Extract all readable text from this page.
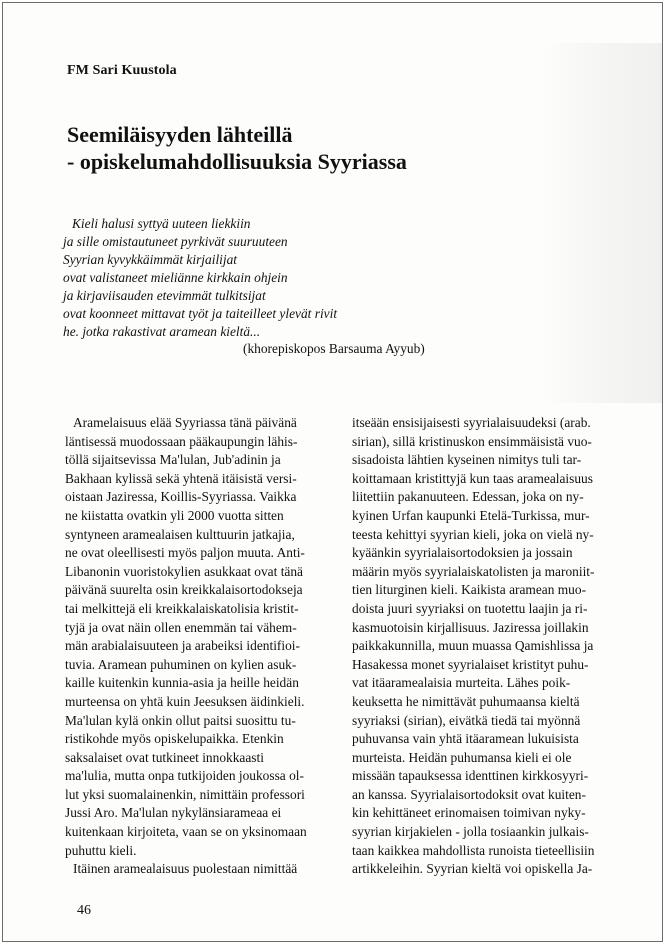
FM Sari Kuustola
Seemiläisyyden lähteillä
- opiskelumahdollisuuksia Syyriassa
Kieli halusi syttyä uuteen liekkiin
ja sille omistautuneet pyrkivät suuruuteen
Syyrian kyvykkäimmät kirjailijat
ovat valistaneet mieliänne kirkkain ohjein
ja kirjaviisauden etevimmät tulkitsijat
ovat koonneet mittavat työt ja taiteilleet ylevät rivit
he. jotka rakastivat aramean kieltä...
(khorepiskopos Barsauma Ayyub)
Aramelaisuus elää Syyriassa tänä päivänä
läntisessä muodossaan pääkaupungin lähis-
töllä sijaitsevissa Ma'lulan, Jub'adinin ja
Bakhaan kylissä sekä yhtenä itäisistä versi-
oistaan Jaziressa, Koillis-Syyriassa. Vaikka
ne kiistatta ovatkin yli 2000 vuotta sitten
syntyneen aramealaisen kulttuurin jatkajia,
ne ovat oleellisesti myös paljon muuta. Anti-
Libanonin vuoristokylien asukkaat ovat tänä
päivänä suurelta osin kreikkalaisortodokseja
tai melkittejä eli kreikkalaiskatolisia kristit-
tyjä ja ovat näin ollen enemmän tai vähem-
män arabialaisuuteen ja arabeiksi identifioi-
tuvia. Aramean puhuminen on kylien asuk-
kaille kuitenkin kunnia-asia ja heille heidän
murteensa on yhtä kuin Jeesuksen äidinkieli.
Ma'lulan kylä onkin ollut paitsi suosittu tu-
ristikohde myös opiskelupaikka. Etenkin
saksalaiset ovat tutkineet innokkaasti
ma'lulia, mutta onpa tutkijoiden joukossa ol-
lut yksi suomalainenkin, nimittäin professori
Jussi Aro. Ma'lulan nykylänsiarameaa ei
kuitenkaan kirjoiteta, vaan se on yksinomaan
puhuttu kieli.
Itäinen aramealaisuus puolestaan nimittää
itseään ensisijaisesti syyrialaisuudeksi (arab.
sirian), sillä kristinuskon ensimmäisistä vuo-
sisadoista lähtien kyseinen nimitys tuli tar-
koittamaan kristittyjä kun taas aramealaisuus
liitettiin pakanuuteen. Edessan, joka on ny-
kyinen Urfan kaupunki Etelä-Turkissa, mur-
teesta kehittyi syyrian kieli, joka on vielä ny-
kyäänkin syyrialaisortodoksien ja jossain
määrin myös syyrialaiskatolisten ja maroniit-
tien liturginen kieli. Kaikista aramean muo-
doista juuri syyriaksi on tuotettu laajin ja ri-
kasmuotoisin kirjallisuus. Jaziressa joillakin
paikkakunnilla, muun muassa Qamishlissa ja
Hasakessa monet syyrialaiset kristityt puhu-
vat itäaramealaisia murteita. Lähes poik-
keuksetta he nimittävät puhumaansa kieltä
syyriaksi (sirian), eivätkä tiedä tai myönnä
puhuvansa vain yhtä itäaramean lukuisista
murteista. Heidän puhumansa kieli ei ole
missään tapauksessa identtinen kirkkosyyri-
an kanssa. Syyrialaisortodoksit ovat kuiten-
kin kehittäneet erinomaisen toimivan nyky-
syyrian kirjakielen - jolla tosiaankin julkais-
taan kaikkea mahdollista runoista tieteellisiin
artikkeleihin. Syyrian kieltä voi opiskella Ja-
46
